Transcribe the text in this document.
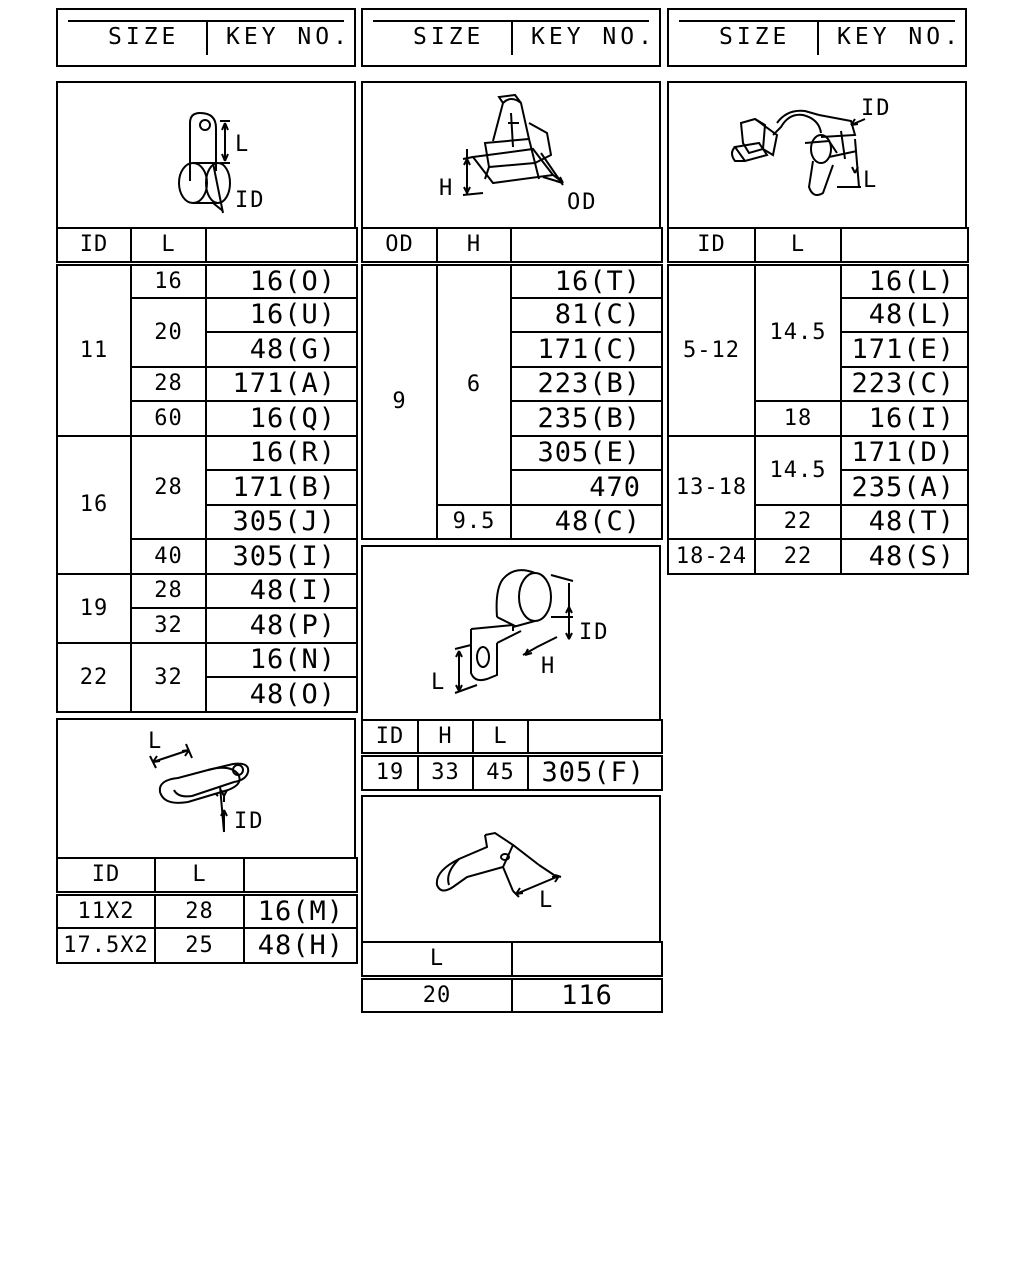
SIZE KEY NO.	SIZE KEY NO.	SIZE KEY NO.
L
ID
ID	L	
11	16	16(O)
	20	16(U)
		48(G)
	28	171(A)
	60	16(Q)
16	28	16(R)
		171(B)
		305(J)
	40	305(I)
19	28	48(I)
	32	48(P)
22	32	16(N)
		48(O)
L
ID
ID	L	
11X2	28	16(M)
17.5X2	25	48(H)
H
OD
OD	H	
9	6	16(T)
		81(C)
		171(C)
		223(B)
		235(B)
		305(E)
		470
	9.5	48(C)
ID
H
L
ID	H	L	
19	33	45	305(F)
L
L	
20	116
ID
L
ID	L	
5-12	14.5	16(L)
		48(L)
		171(E)
		223(C)
	18	16(I)
13-18	14.5	171(D)
		235(A)
	22	48(T)
18-24	22	48(S)
